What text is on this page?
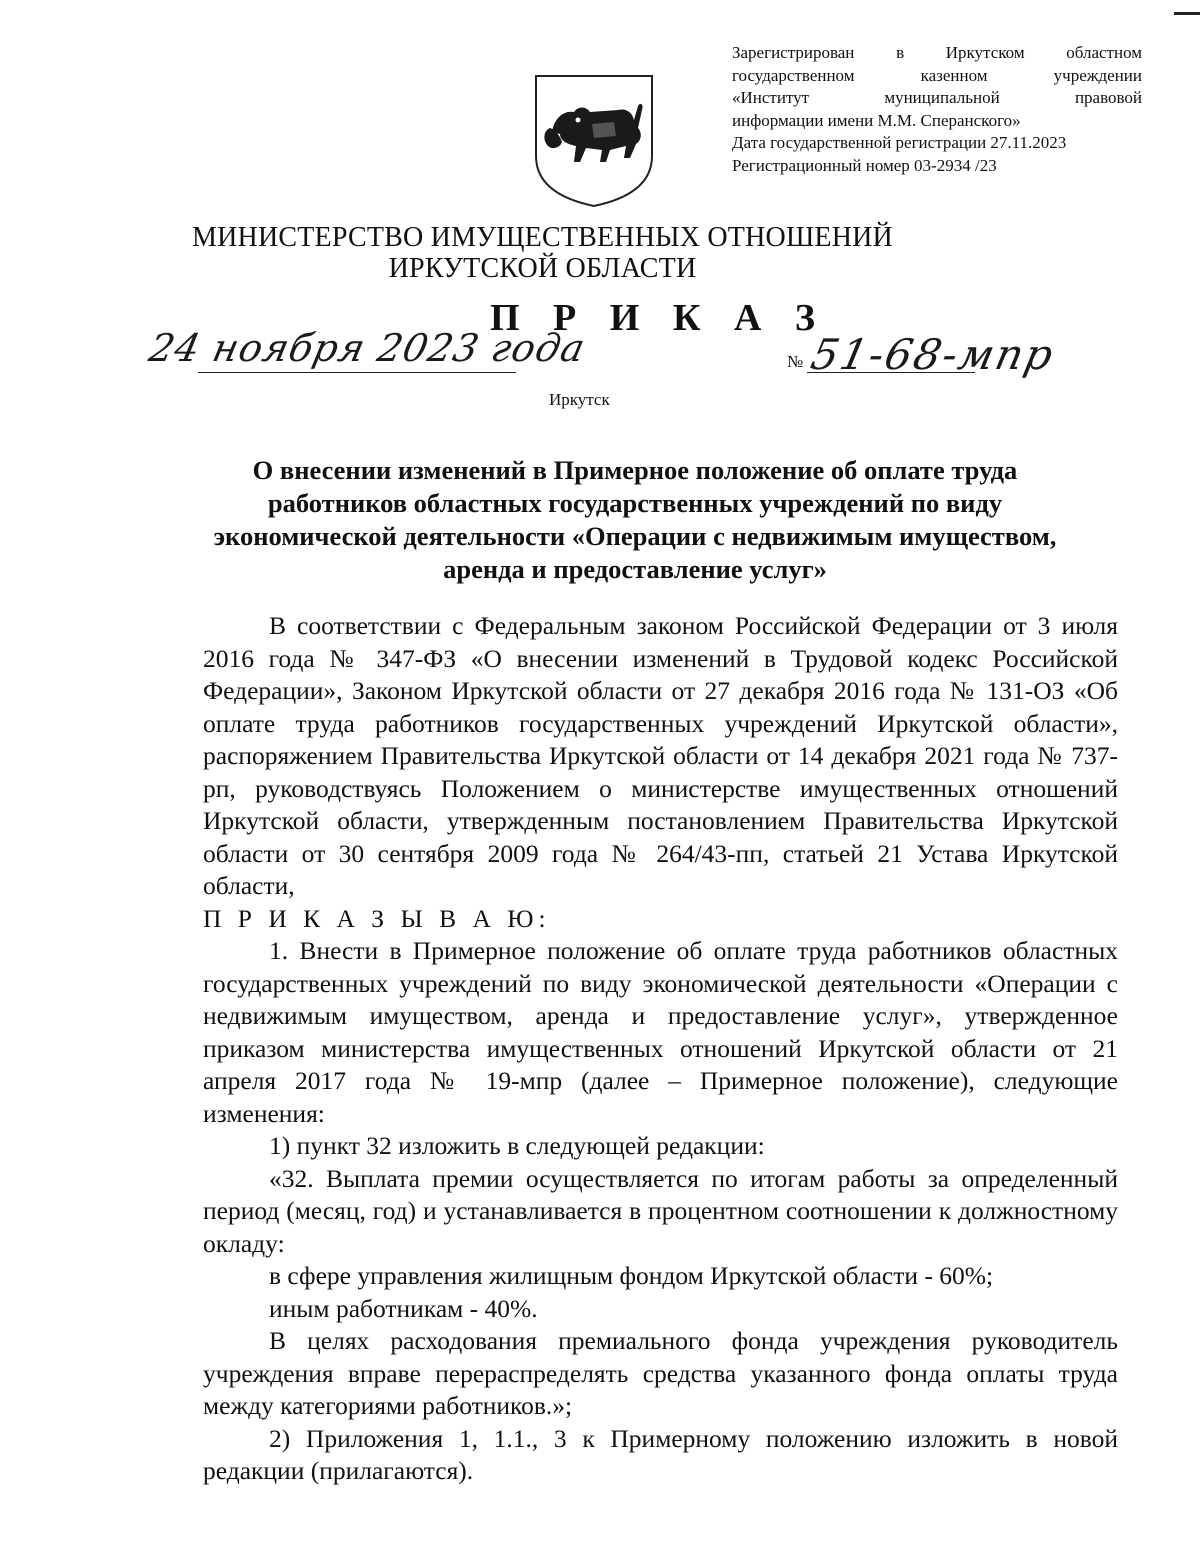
Зарегистрирован в Иркутском областном
государственном казенном учреждении
«Институт муниципальной правовой
информации имени М.М. Сперанского»
Дата государственной регистрации 27.11.2023
Регистрационный номер 03-2934 /23
МИНИСТЕРСТВО ИМУЩЕСТВЕННЫХ ОТНОШЕНИЙ
ИРКУТСКОЙ ОБЛАСТИ
П Р И К А З
24 ноября 2023 года	№ 51-68-мпр
Иркутск
О внесении изменений в Примерное положение об оплате труда
работников областных государственных учреждений по виду
экономической деятельности «Операции с недвижимым имуществом,
аренда и предоставление услуг»

В соответствии с Федеральным законом Российской Федерации от 3 июля 2016 года № 347-ФЗ «О внесении изменений в Трудовой кодекс Российской Федерации», Законом Иркутской области от 27 декабря 2016 года № 131-ОЗ «Об оплате труда работников государственных учреждений Иркутской области», распоряжением Правительства Иркутской области от 14 декабря 2021 года № 737-рп, руководствуясь Положением о министерстве имущественных отношений Иркутской области, утвержденным постановлением Правительства Иркутской области от 30 сентября 2009 года № 264/43-пп, статьей 21 Устава Иркутской области,

П Р И К А З Ы В А Ю:

1. Внести в Примерное положение об оплате труда работников областных государственных учреждений по виду экономической деятельности «Операции с недвижимым имуществом, аренда и предоставление услуг», утвержденное приказом министерства имущественных отношений Иркутской области от 21 апреля 2017 года № 19-мпр (далее – Примерное положение), следующие изменения:

1) пункт 32 изложить в следующей редакции:

«32. Выплата премии осуществляется по итогам работы за определенный период (месяц, год) и устанавливается в процентном соотношении к должностному окладу:

в сфере управления жилищным фондом Иркутской области - 60%;

иным работникам - 40%.

В целях расходования премиального фонда учреждения руководитель учреждения вправе перераспределять средства указанного фонда оплаты труда между категориями работников.»;

2) Приложения 1, 1.1., 3 к Примерному положению изложить в новой редакции (прилагаются).
